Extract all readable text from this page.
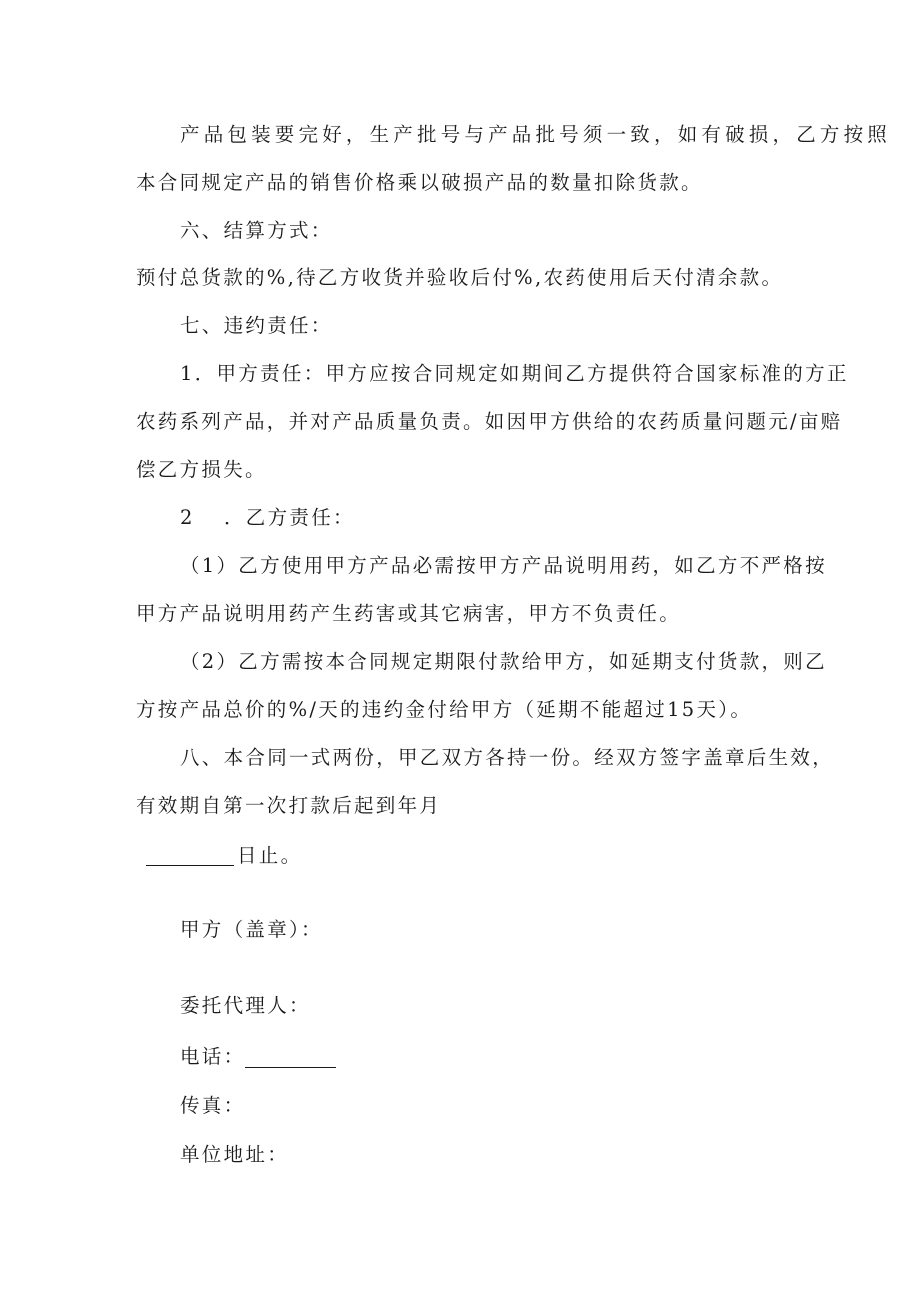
产品包装要完好，生产批号与产品批号须一致，如有破损，乙方按照
本合同规定产品的销售价格乘以破损产品的数量扣除货款。
六、结算方式：
预付总货款的%,待乙方收货并验收后付%,农药使用后天付清余款。
七、违约责任：
1．甲方责任：甲方应按合同规定如期间乙方提供符合国家标准的方正
农药系列产品，并对产品质量负责。如因甲方供给的农药质量问题元/亩赔
偿乙方损失。
2 ．乙方责任：
（1）乙方使用甲方产品必需按甲方产品说明用药，如乙方不严格按
甲方产品说明用药产生药害或其它病害，甲方不负责任。
（2）乙方需按本合同规定期限付款给甲方，如延期支付货款，则乙
方按产品总价的%/天的违约金付给甲方（延期不能超过15天）。
八、本合同一式两份，甲乙双方各持一份。经双方签字盖章后生效，
有效期自第一次打款后起到年月
日止。
甲方（盖章）：
委托代理人：
电话：
传真：
单位地址：
